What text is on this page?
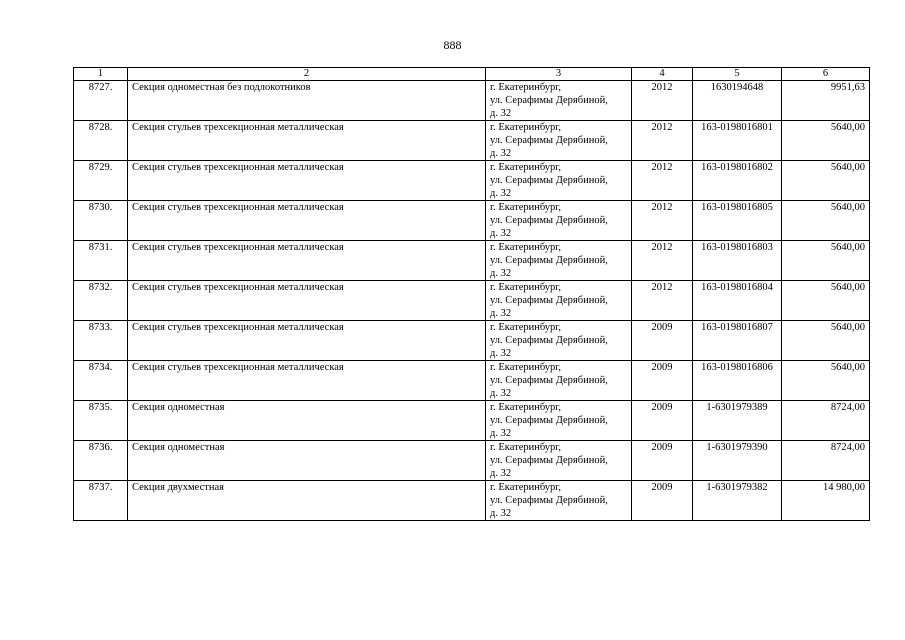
888
1	2	3	4	5	6
8727.	Секция одноместная без подлокотников	г. Екатеринбург,
ул. Серафимы Дерябиной,
д. 32	2012	1630194648	9951,63
8728.	Секция стульев трехсекционная металлическая	г. Екатеринбург,
ул. Серафимы Дерябиной,
д. 32	2012	163-0198016801	5640,00
8729.	Секция стульев трехсекционная металлическая	г. Екатеринбург,
ул. Серафимы Дерябиной,
д. 32	2012	163-0198016802	5640,00
8730.	Секция стульев трехсекционная металлическая	г. Екатеринбург,
ул. Серафимы Дерябиной,
д. 32	2012	163-0198016805	5640,00
8731.	Секция стульев трехсекционная металлическая	г. Екатеринбург,
ул. Серафимы Дерябиной,
д. 32	2012	163-0198016803	5640,00
8732.	Секция стульев трехсекционная металлическая	г. Екатеринбург,
ул. Серафимы Дерябиной,
д. 32	2012	163-0198016804	5640,00
8733.	Секция стульев трехсекционная металлическая	г. Екатеринбург,
ул. Серафимы Дерябиной,
д. 32	2009	163-0198016807	5640,00
8734.	Секция стульев трехсекционная металлическая	г. Екатеринбург,
ул. Серафимы Дерябиной,
д. 32	2009	163-0198016806	5640,00
8735.	Секция одноместная	г. Екатеринбург,
ул. Серафимы Дерябиной,
д. 32	2009	1-6301979389	8724,00
8736.	Секция одноместная	г. Екатеринбург,
ул. Серафимы Дерябиной,
д. 32	2009	1-6301979390	8724,00
8737.	Секция двухместная	г. Екатеринбург,
ул. Серафимы Дерябиной,
д. 32	2009	1-6301979382	14 980,00
